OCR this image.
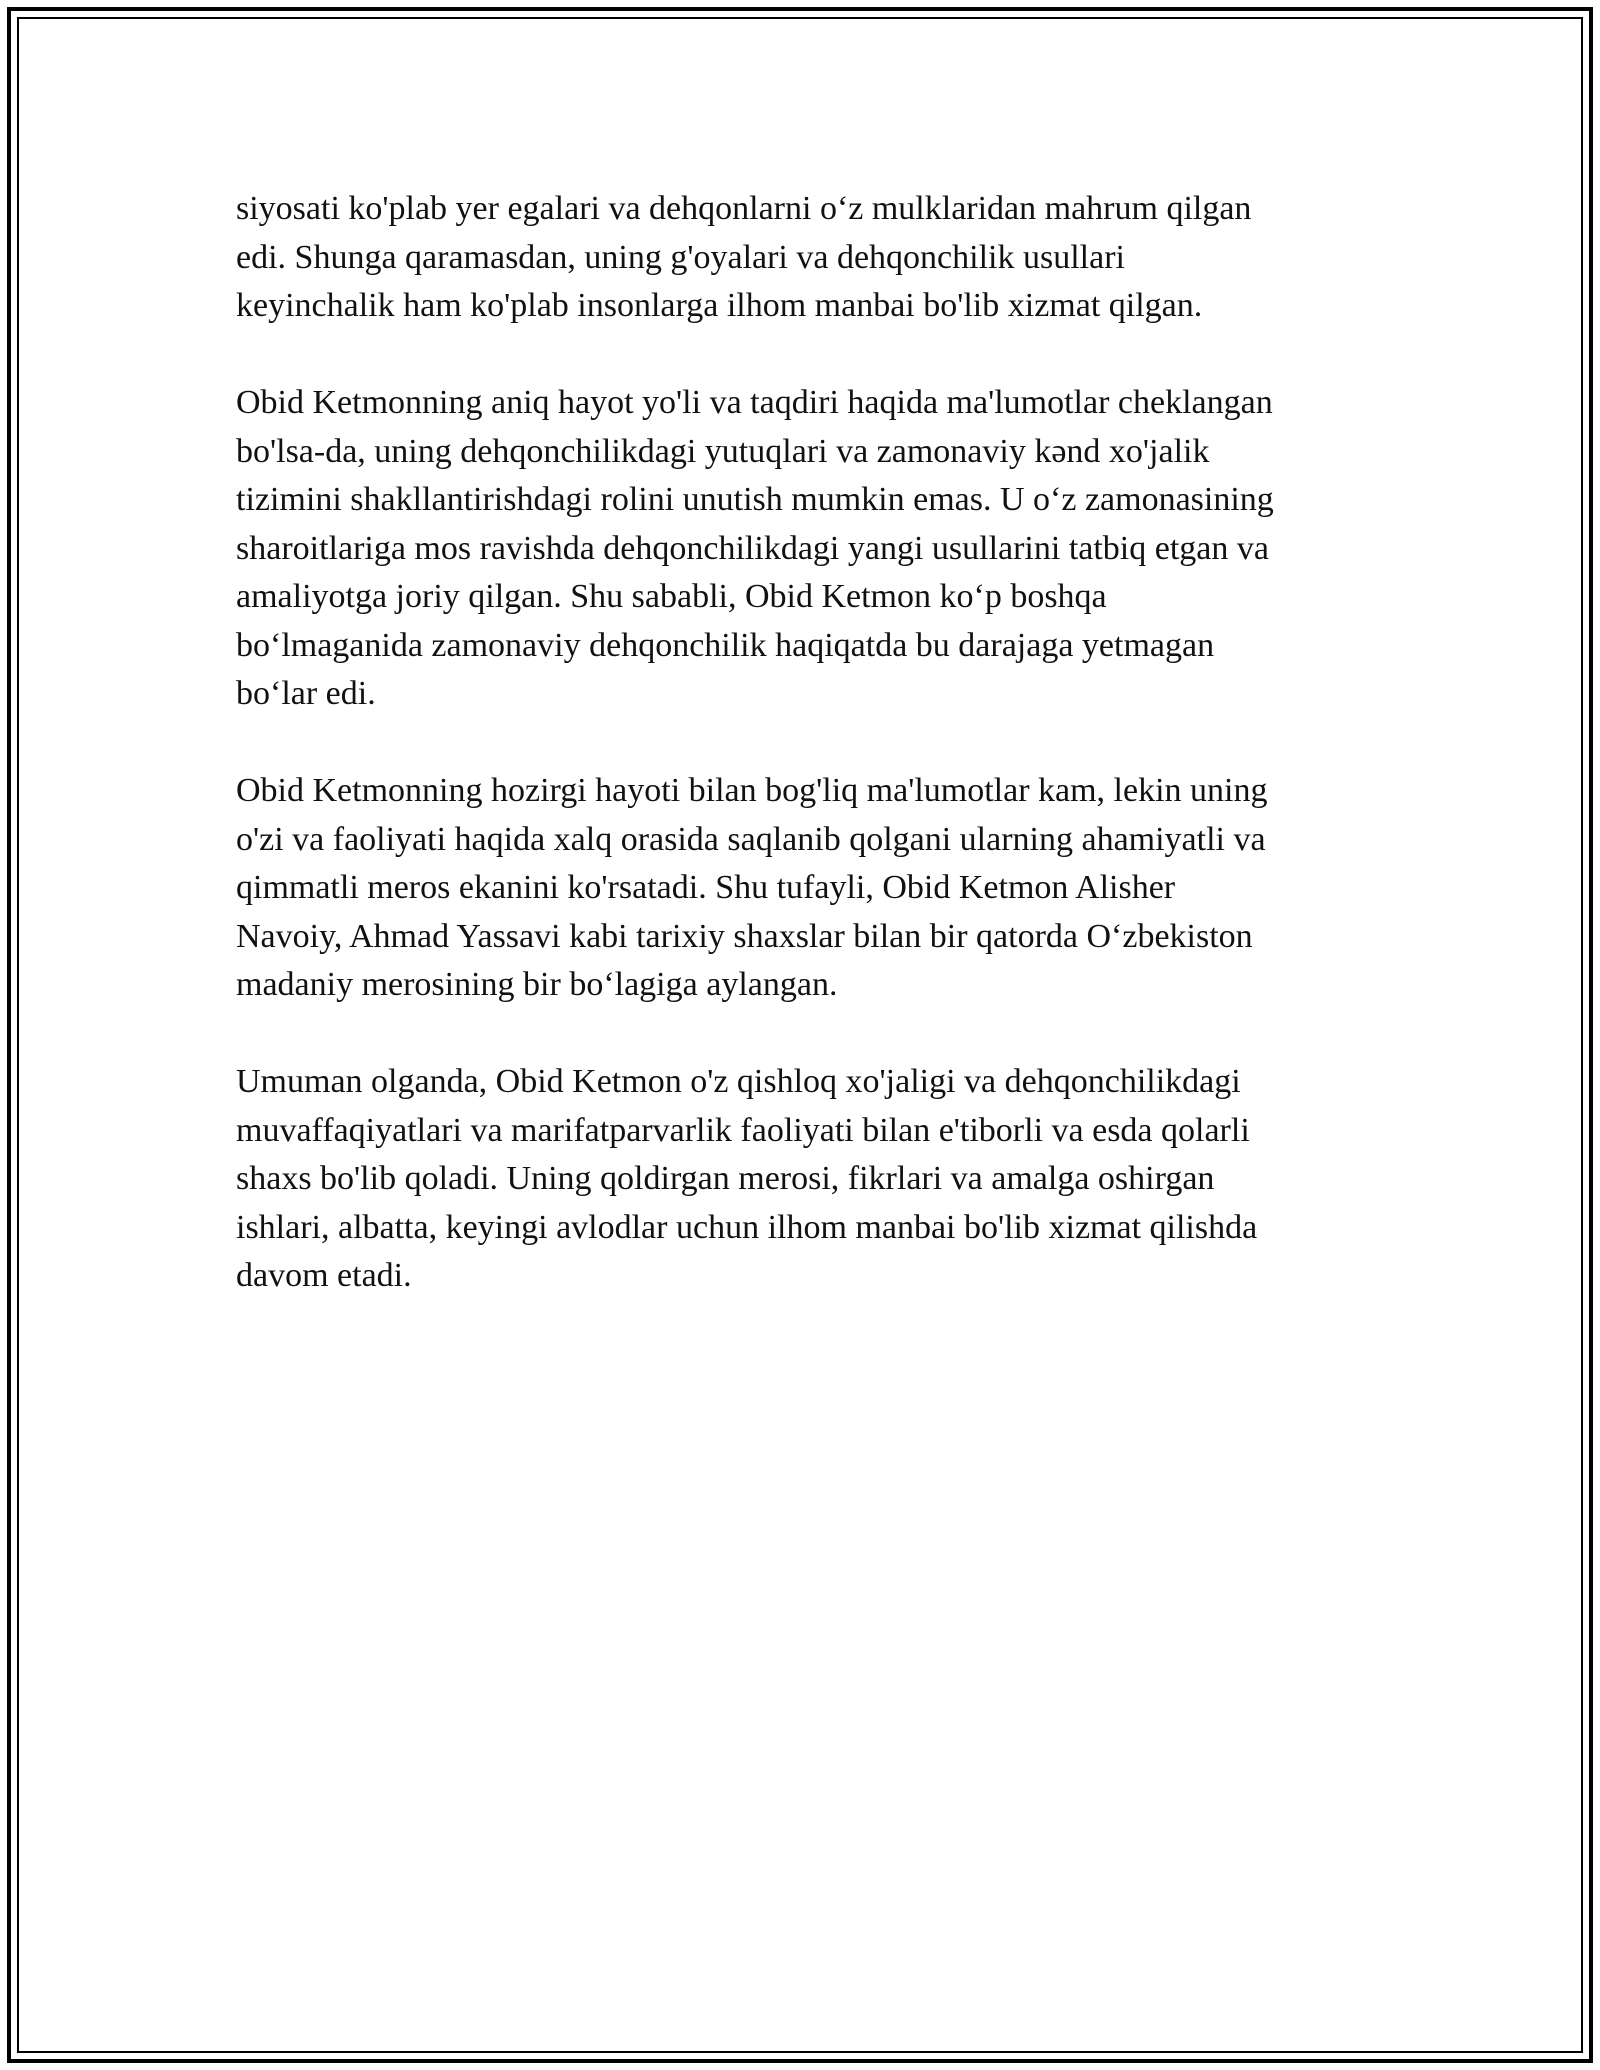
siyosati ko'plab yer egalari va dehqonlarni o‘z mulklaridan mahrum qilgan
edi. Shunga qaramasdan, uning g'oyalari va dehqonchilik usullari
keyinchalik ham ko'plab insonlarga ilhom manbai bo'lib xizmat qilgan.

Obid Ketmonning aniq hayot yo'li va taqdiri haqida ma'lumotlar cheklangan
bo'lsa-da, uning dehqonchilikdagi yutuqlari va zamonaviy kənd xo'jalik
tizimini shakllantirishdagi rolini unutish mumkin emas. U o‘z zamonasining
sharoitlariga mos ravishda dehqonchilikdagi yangi usullarini tatbiq etgan va
amaliyotga joriy qilgan. Shu sababli, Obid Ketmon ko‘p boshqa
bo‘lmaganida zamonaviy dehqonchilik haqiqatda bu darajaga yetmagan
bo‘lar edi.

Obid Ketmonning hozirgi hayoti bilan bog'liq ma'lumotlar kam, lekin uning
o'zi va faoliyati haqida xalq orasida saqlanib qolgani ularning ahamiyatli va
qimmatli meros ekanini ko'rsatadi. Shu tufayli, Obid Ketmon Alisher
Navoiy, Ahmad Yassavi kabi tarixiy shaxslar bilan bir qatorda O‘zbekiston
madaniy merosining bir bo‘lagiga aylangan.

Umuman olganda, Obid Ketmon o'z qishloq xo'jaligi va dehqonchilikdagi
muvaffaqiyatlari va marifatparvarlik faoliyati bilan e'tiborli va esda qolarli
shaxs bo'lib qoladi. Uning qoldirgan merosi, fikrlari va amalga oshirgan
ishlari, albatta, keyingi avlodlar uchun ilhom manbai bo'lib xizmat qilishda
davom etadi.
